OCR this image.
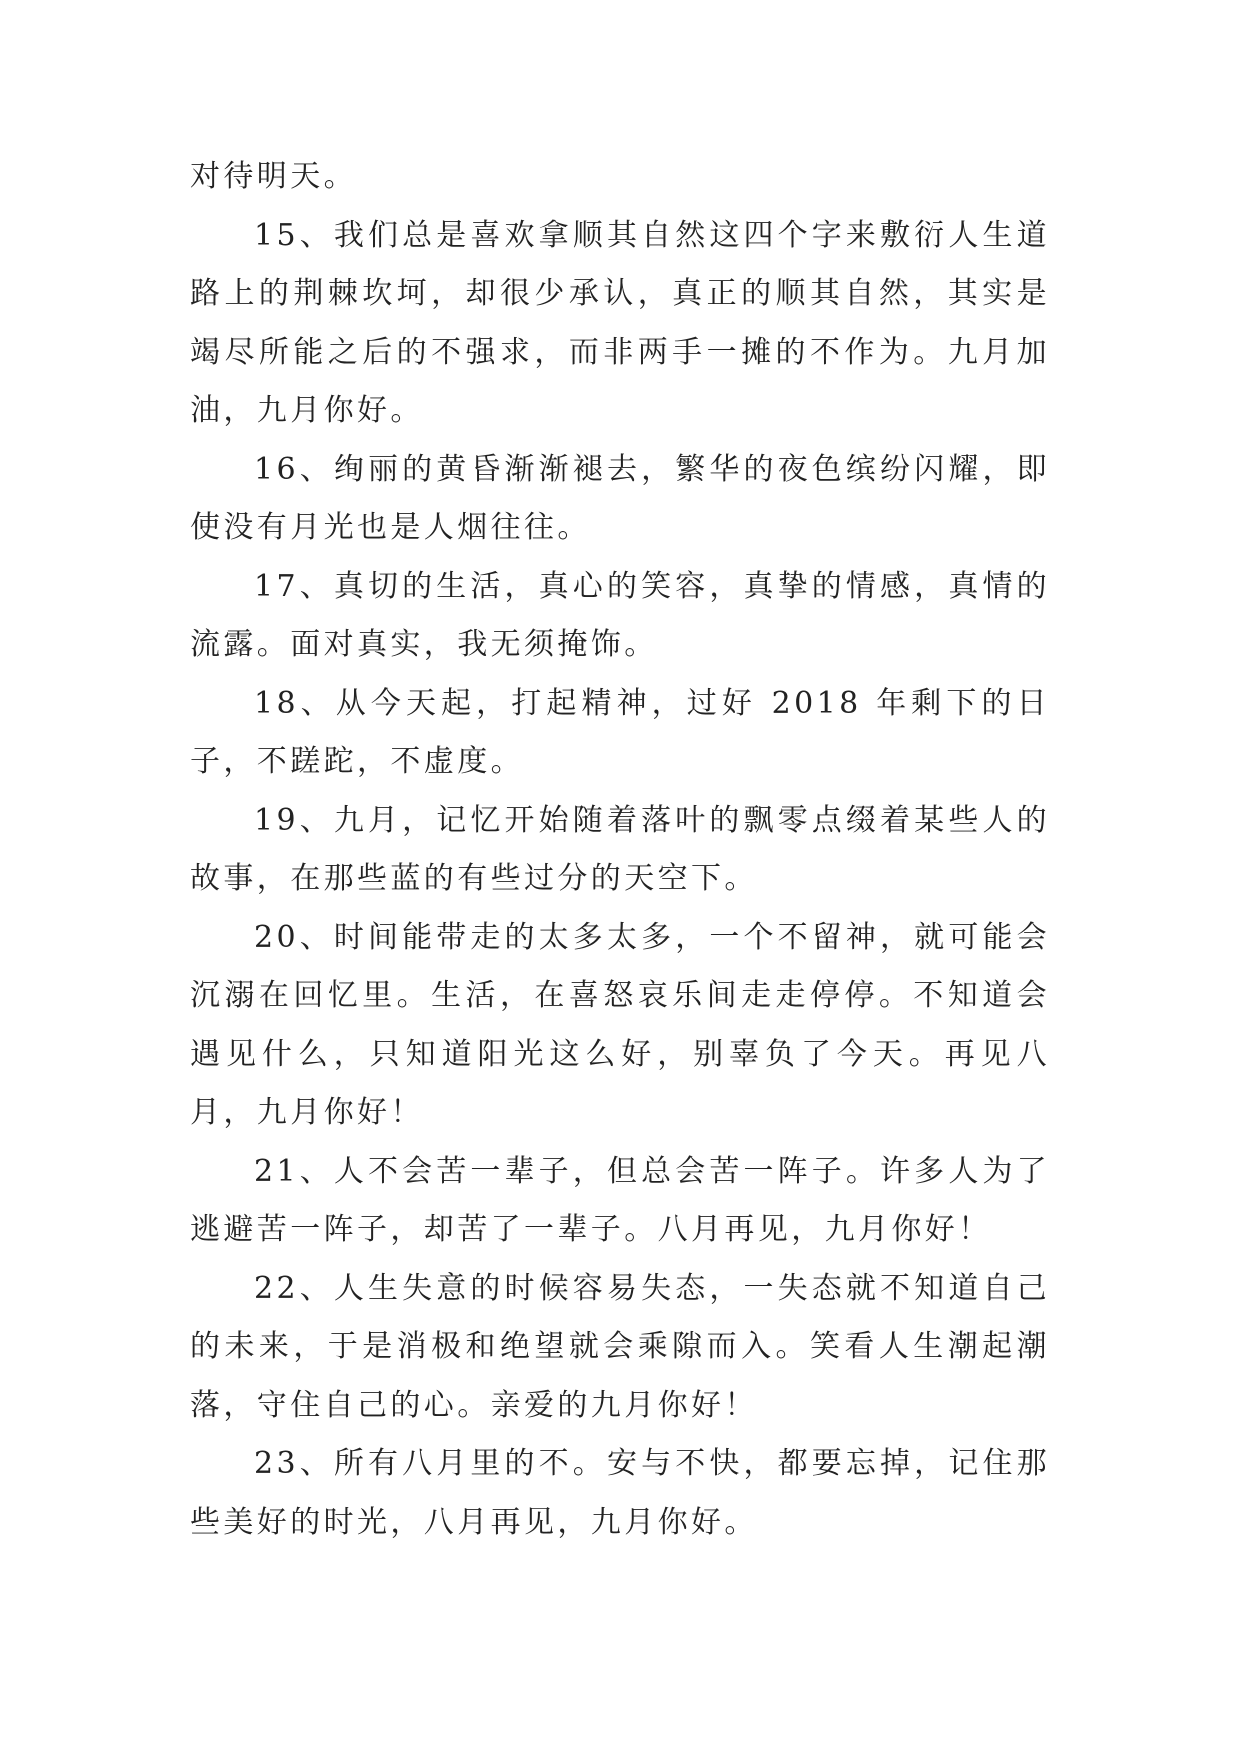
对待明天。

15、我们总是喜欢拿顺其自然这四个字来敷衍人生道路上的荆棘坎坷，却很少承认，真正的顺其自然，其实是竭尽所能之后的不强求，而非两手一摊的不作为。九月加油，九月你好。

16、绚丽的黄昏渐渐褪去，繁华的夜色缤纷闪耀，即使没有月光也是人烟往往。

17、真切的生活，真心的笑容，真挚的情感，真情的流露。面对真实，我无须掩饰。

18、从今天起，打起精神，过好 2018 年剩下的日子，不蹉跎，不虚度。

19、九月，记忆开始随着落叶的飘零点缀着某些人的故事，在那些蓝的有些过分的天空下。

20、时间能带走的太多太多，一个不留神，就可能会沉溺在回忆里。生活，在喜怒哀乐间走走停停。不知道会遇见什么，只知道阳光这么好，别辜负了今天。再见八月，九月你好！

21、人不会苦一辈子，但总会苦一阵子。许多人为了逃避苦一阵子，却苦了一辈子。八月再见，九月你好！

22、人生失意的时候容易失态，一失态就不知道自己的未来，于是消极和绝望就会乘隙而入。笑看人生潮起潮落，守住自己的心。亲爱的九月你好！

23、所有八月里的不。安与不快，都要忘掉，记住那些美好的时光，八月再见，九月你好。
